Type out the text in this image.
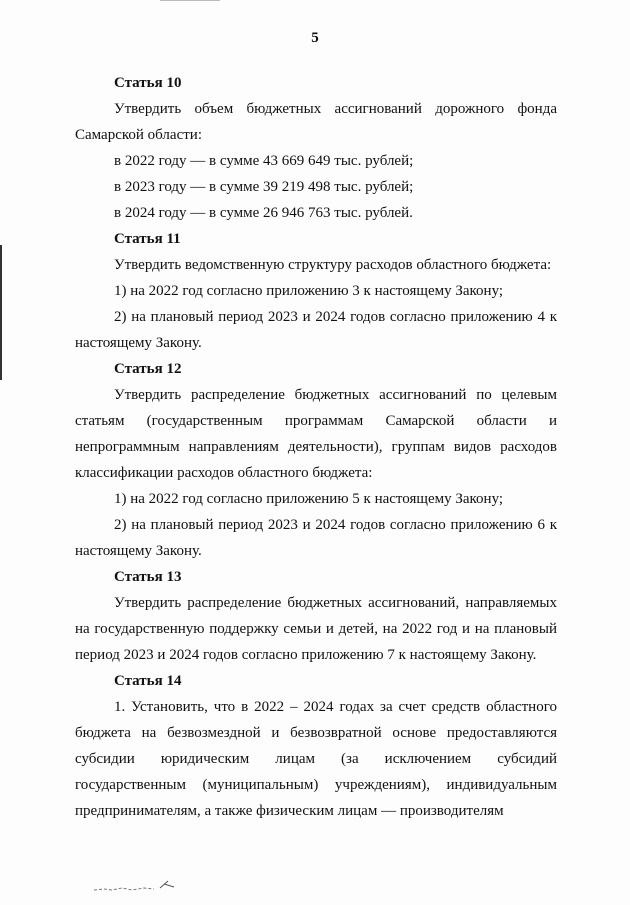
5

Статья 10

Утвердить объем бюджетных ассигнований дорожного фонда Самарской области:

в 2022 году — в сумме 43 669 649 тыс. рублей;

в 2023 году — в сумме 39 219 498 тыс. рублей;

в 2024 году — в сумме 26 946 763 тыс. рублей.

Статья 11

Утвердить ведомственную структуру расходов областного бюджета:

1) на 2022 год согласно приложению 3 к настоящему Закону;

2) на плановый период 2023 и 2024 годов согласно приложению 4 к настоящему Закону.

Статья 12

Утвердить распределение бюджетных ассигнований по целевым статьям (государственным программам Самарской области и непрограммным направлениям деятельности), группам видов расходов классификации расходов областного бюджета:

1) на 2022 год согласно приложению 5 к настоящему Закону;

2) на плановый период 2023 и 2024 годов согласно приложению 6 к настоящему Закону.

Статья 13

Утвердить распределение бюджетных ассигнований, направляемых на государственную поддержку семьи и детей, на 2022 год и на плановый период 2023 и 2024 годов согласно приложению 7 к настоящему Закону.

Статья 14

1. Установить, что в 2022 – 2024 годах за счет средств областного бюджета на безвозмездной и безвозвратной основе предоставляются субсидии юридическим лицам (за исключением субсидий государственным (муниципальным) учреждениям), индивидуальным предпринимателям, а также физическим лицам — производителям
